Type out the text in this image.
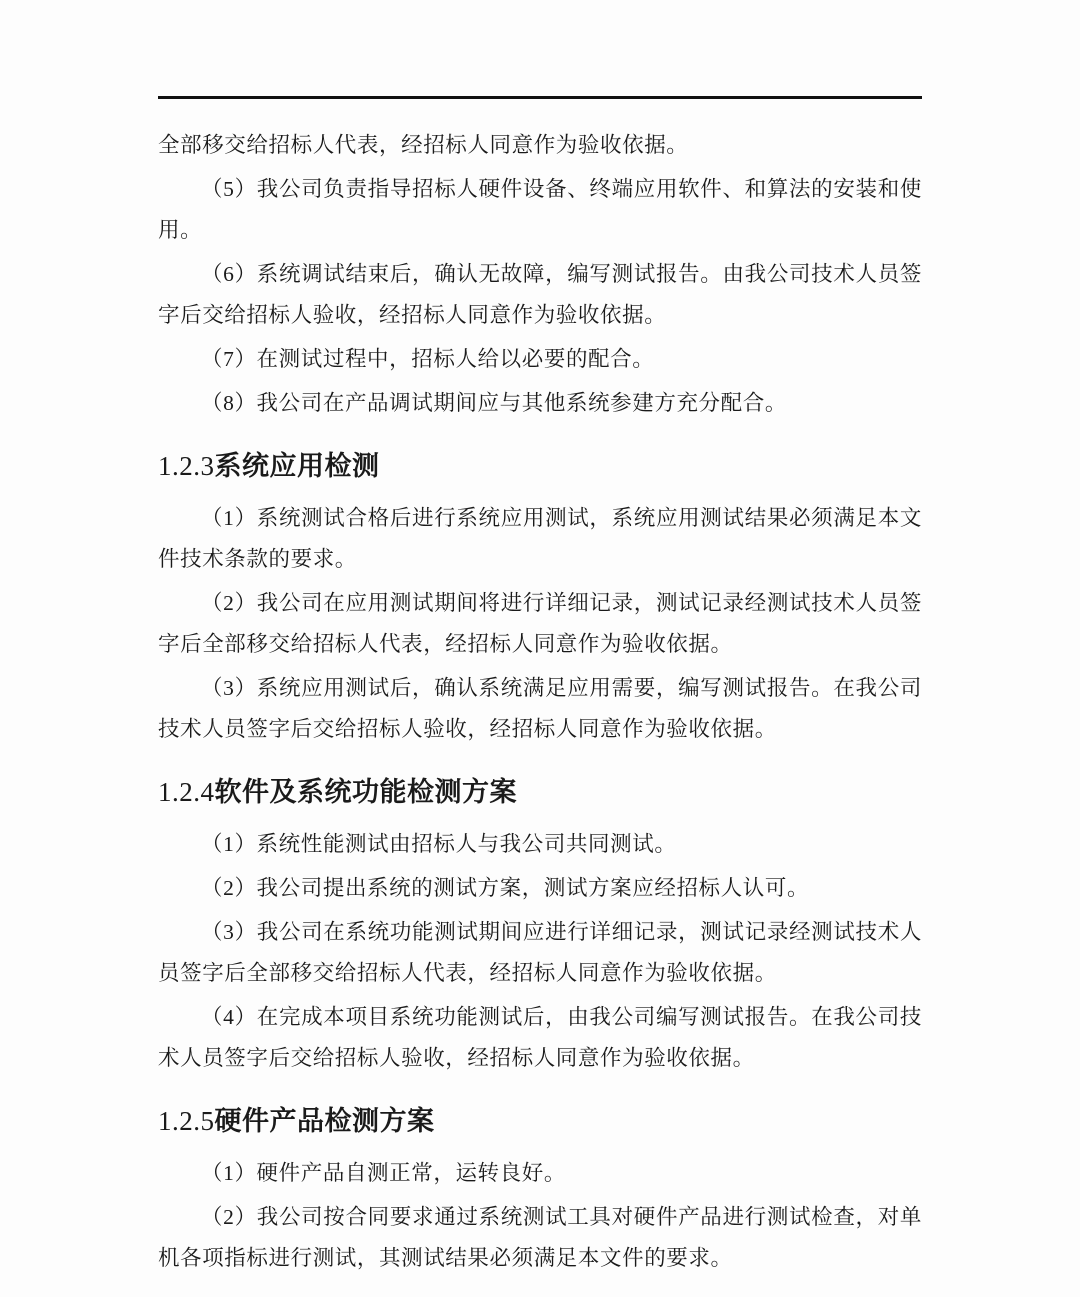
全部移交给招标人代表，经招标人同意作为验收依据。

（5）我公司负责指导招标人硬件设备、终端应用软件、和算法的安装和使用。

（6）系统调试结束后，确认无故障，编写测试报告。由我公司技术人员签字后交给招标人验收，经招标人同意作为验收依据。

（7）在测试过程中，招标人给以必要的配合。

（8）我公司在产品调试期间应与其他系统参建方充分配合。

1.2.3系统应用检测

（1）系统测试合格后进行系统应用测试，系统应用测试结果必须满足本文件技术条款的要求。

（2）我公司在应用测试期间将进行详细记录，测试记录经测试技术人员签字后全部移交给招标人代表，经招标人同意作为验收依据。

（3）系统应用测试后，确认系统满足应用需要，编写测试报告。在我公司技术人员签字后交给招标人验收，经招标人同意作为验收依据。

1.2.4软件及系统功能检测方案

（1）系统性能测试由招标人与我公司共同测试。

（2）我公司提出系统的测试方案，测试方案应经招标人认可。

（3）我公司在系统功能测试期间应进行详细记录，测试记录经测试技术人员签字后全部移交给招标人代表，经招标人同意作为验收依据。

（4）在完成本项目系统功能测试后，由我公司编写测试报告。在我公司技术人员签字后交给招标人验收，经招标人同意作为验收依据。

1.2.5硬件产品检测方案

（1）硬件产品自测正常，运转良好。

（2）我公司按合同要求通过系统测试工具对硬件产品进行测试检查，对单机各项指标进行测试，其测试结果必须满足本文件的要求。
